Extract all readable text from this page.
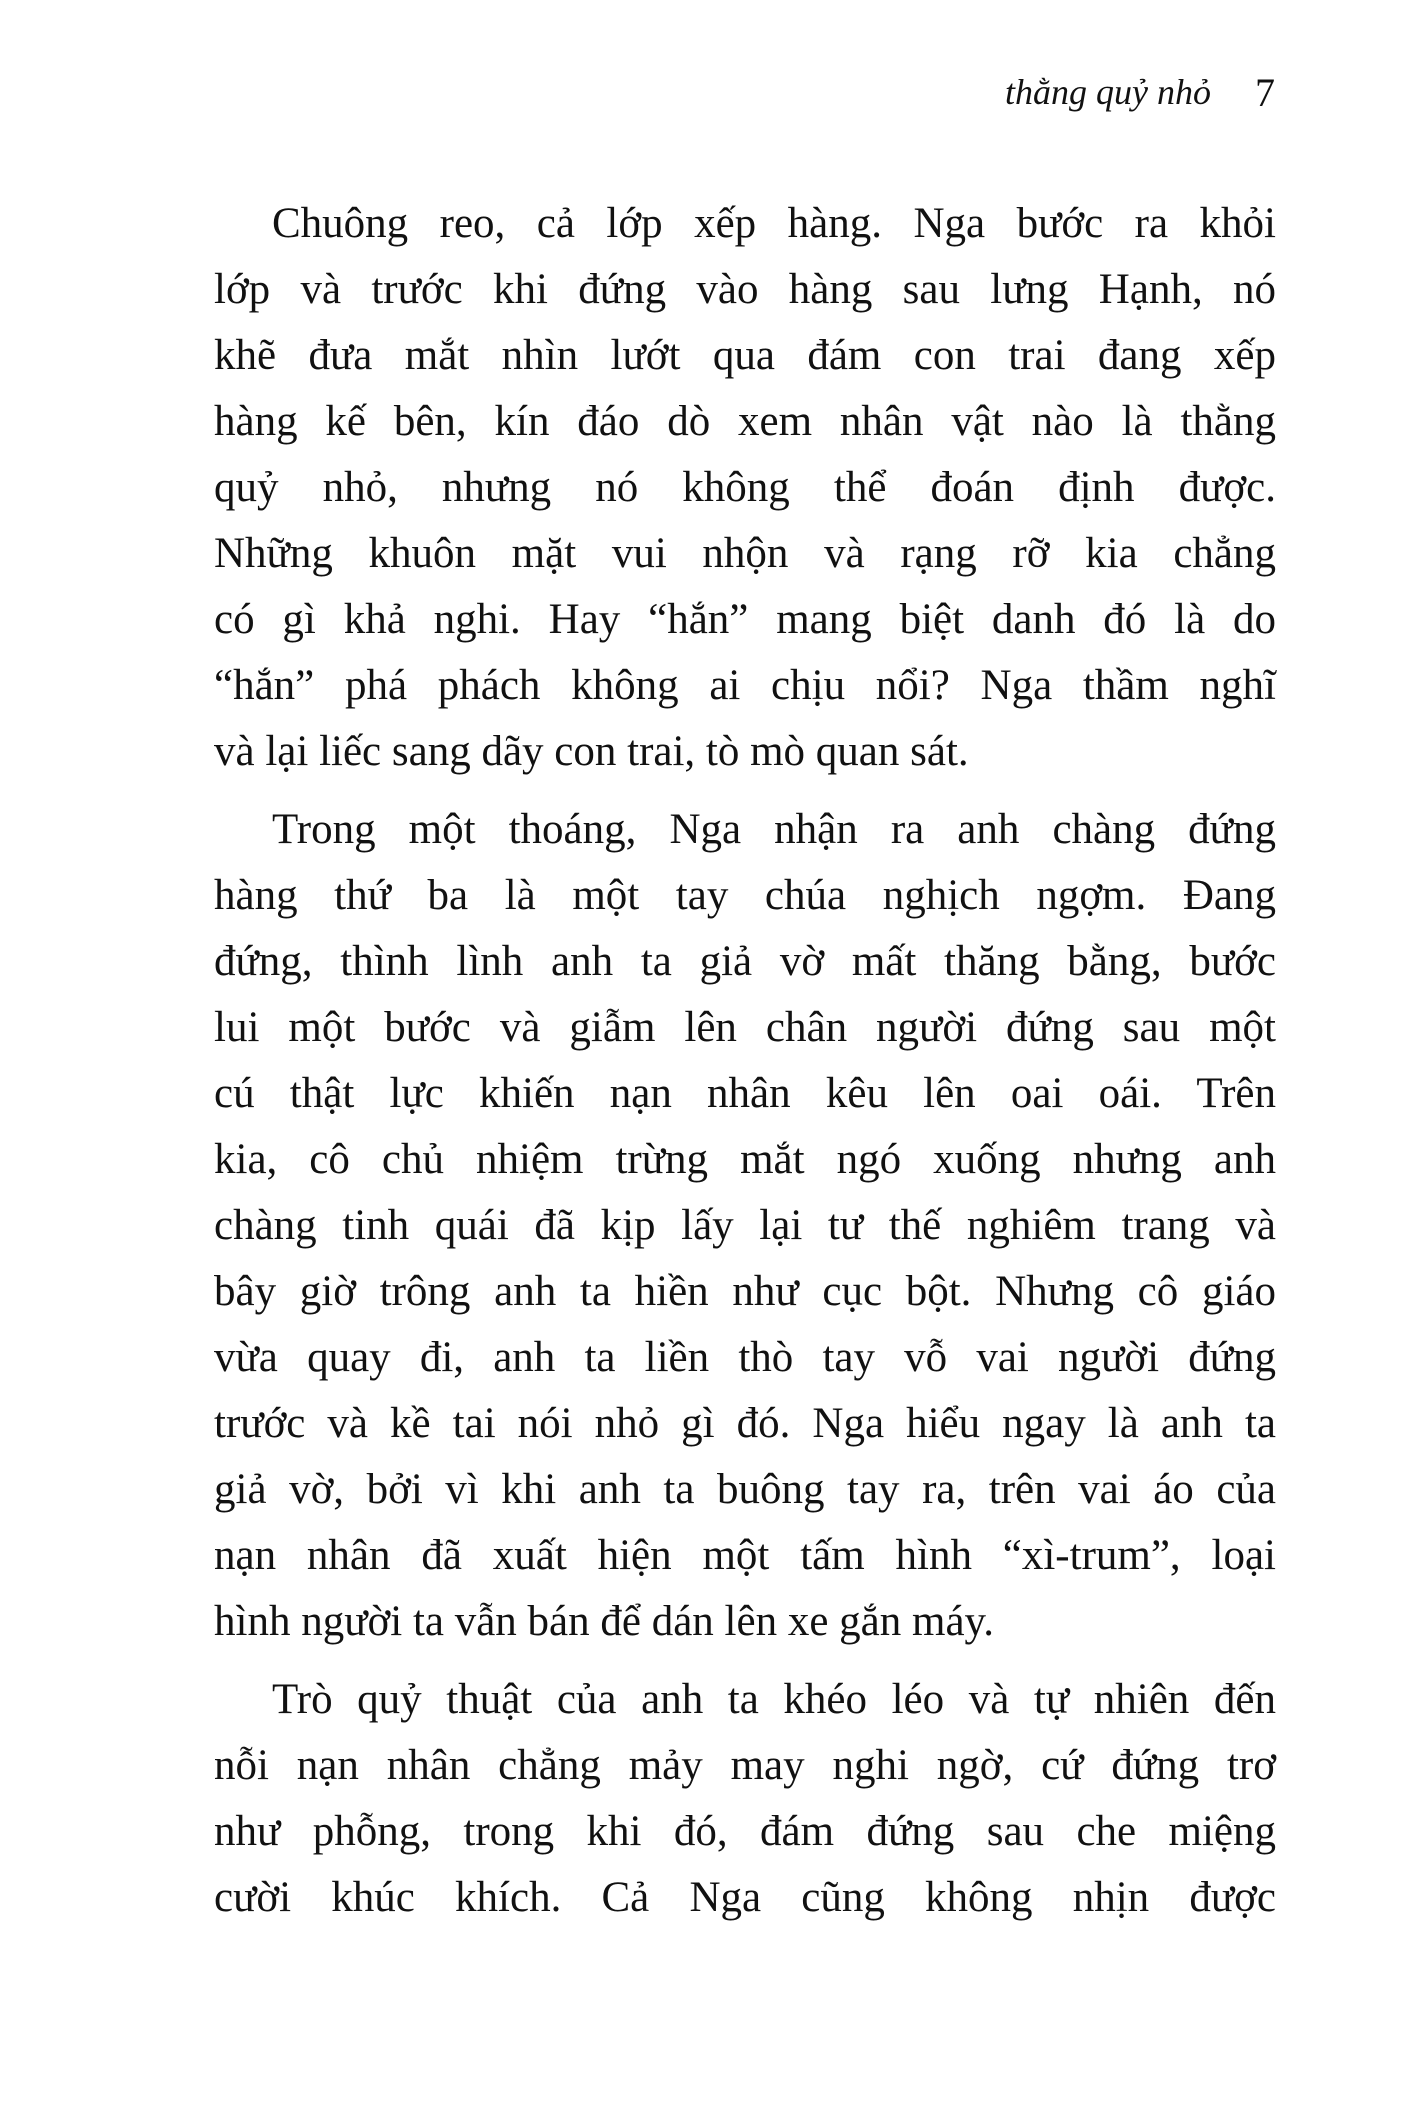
thằng quỷ nhỏ 7
Chuông reo, cả lớp xếp hàng. Nga bước ra khỏi
lớp và trước khi đứng vào hàng sau lưng Hạnh, nó
khẽ đưa mắt nhìn lướt qua đám con trai đang xếp
hàng kế bên, kín đáo dò xem nhân vật nào là thằng
quỷ nhỏ, nhưng nó không thể đoán định được.
Những khuôn mặt vui nhộn và rạng rỡ kia chẳng
có gì khả nghi. Hay “hắn” mang biệt danh đó là do
“hắn” phá phách không ai chịu nổi? Nga thầm nghĩ
và lại liếc sang dãy con trai, tò mò quan sát.
Trong một thoáng, Nga nhận ra anh chàng đứng
hàng thứ ba là một tay chúa nghịch ngợm. Đang
đứng, thình lình anh ta giả vờ mất thăng bằng, bước
lui một bước và giẫm lên chân người đứng sau một
cú thật lực khiến nạn nhân kêu lên oai oái. Trên
kia, cô chủ nhiệm trừng mắt ngó xuống nhưng anh
chàng tinh quái đã kịp lấy lại tư thế nghiêm trang và
bây giờ trông anh ta hiền như cục bột. Nhưng cô giáo
vừa quay đi, anh ta liền thò tay vỗ vai người đứng
trước và kề tai nói nhỏ gì đó. Nga hiểu ngay là anh ta
giả vờ, bởi vì khi anh ta buông tay ra, trên vai áo của
nạn nhân đã xuất hiện một tấm hình “xì-trum”, loại
hình người ta vẫn bán để dán lên xe gắn máy.
Trò quỷ thuật của anh ta khéo léo và tự nhiên đến
nỗi nạn nhân chẳng mảy may nghi ngờ, cứ đứng trơ
như phỗng, trong khi đó, đám đứng sau che miệng
cười khúc khích. Cả Nga cũng không nhịn được
